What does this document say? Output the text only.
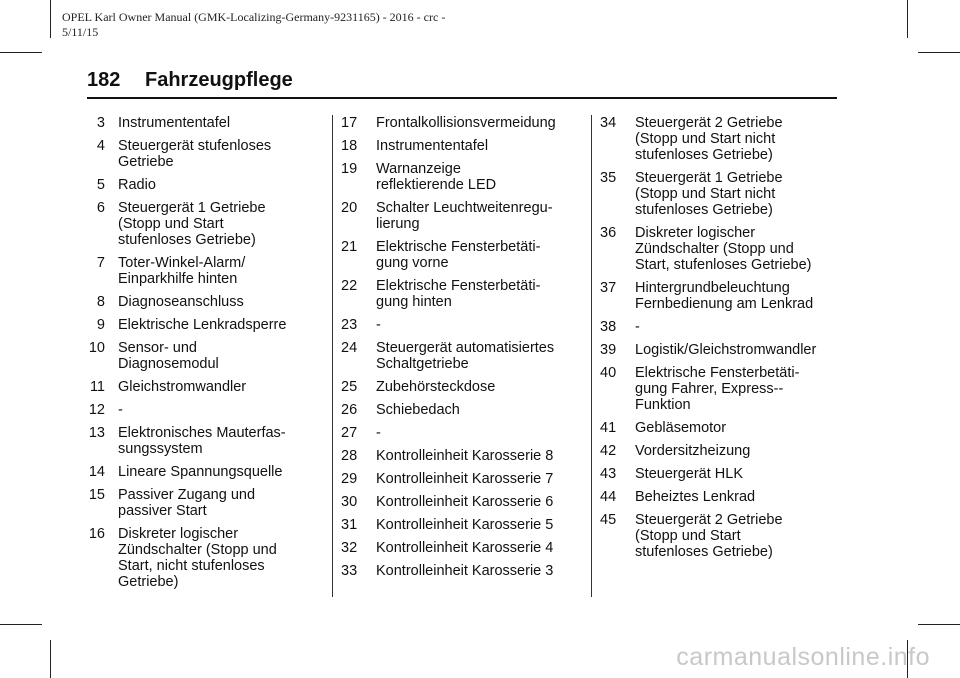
OPEL Karl Owner Manual (GMK-Localizing-Germany-9231165) - 2016 - crc -
5/11/15
182 Fahrzeugpflege
3 Instrumententafel
4 Steuergerät stufenloses
Getriebe
5 Radio
6 Steuergerät 1 Getriebe
(Stopp und Start
stufenloses Getriebe)
7 Toter-Winkel-Alarm/
Einparkhilfe hinten
8 Diagnoseanschluss
9 Elektrische Lenkradsperre
10 Sensor- und
Diagnosemodul
11 Gleichstromwandler
12 -
13 Elektronisches Mauterfas-
sungssystem
14 Lineare Spannungsquelle
15 Passiver Zugang und
passiver Start
16 Diskreter logischer
Zündschalter (Stopp und
Start, nicht stufenloses
Getriebe)
17	Frontalkollisionsvermeidung
18	Instrumententafel
19	Warnanzeige
reflektierende LED
20	Schalter Leuchtweitenregu-
lierung
21	Elektrische Fensterbetäti-
gung vorne
22	Elektrische Fensterbetäti-
gung hinten
23	-
24	Steuergerät automatisiertes
Schaltgetriebe
25	Zubehörsteckdose
26	Schiebedach
27	-
28	Kontrolleinheit Karosserie 8
29	Kontrolleinheit Karosserie 7
30	Kontrolleinheit Karosserie 6
31	Kontrolleinheit Karosserie 5
32	Kontrolleinheit Karosserie 4
33	Kontrolleinheit Karosserie 3
34	Steuergerät 2 Getriebe
(Stopp und Start nicht
stufenloses Getriebe)
35	Steuergerät 1 Getriebe
(Stopp und Start nicht
stufenloses Getriebe)
36	Diskreter logischer
Zündschalter (Stopp und
Start, stufenloses Getriebe)
37	Hintergrundbeleuchtung
Fernbedienung am Lenkrad
38	-
39	Logistik/Gleichstromwandler
40	Elektrische Fensterbetäti-
gung Fahrer, Express--
Funktion
41	Gebläsemotor
42	Vordersitzheizung
43	Steuergerät HLK
44	Beheiztes Lenkrad
45	Steuergerät 2 Getriebe
(Stopp und Start
stufenloses Getriebe)
carmanualsonline.info
